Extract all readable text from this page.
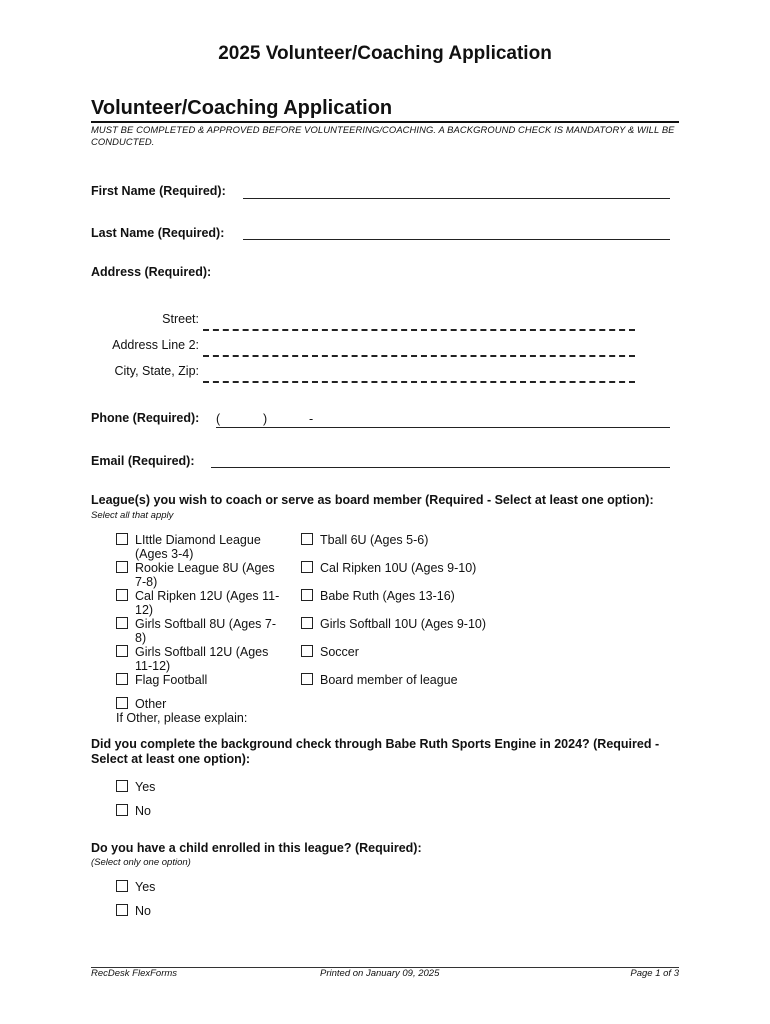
2025 Volunteer/Coaching Application
Volunteer/Coaching Application
MUST BE COMPLETED & APPROVED BEFORE VOLUNTEERING/COACHING. A BACKGROUND CHECK IS MANDATORY & WILL BE CONDUCTED.
First Name (Required):
Last Name (Required):
Address (Required):
Street:
Address Line 2:
City, State, Zip:
Phone (Required): (	)	-
Email (Required):
League(s) you wish to coach or serve as board member (Required - Select at least one option):
Select all that apply
LIttle Diamond League (Ages 3-4)
Rookie League 8U (Ages 7-8)
Cal Ripken 12U (Ages 11-12)
Girls Softball 8U (Ages 7-8)
Girls Softball 12U (Ages 11-12)
Flag Football
Tball 6U (Ages 5-6)
Cal Ripken 10U (Ages 9-10)
Babe Ruth (Ages 13-16)
Girls Softball 10U (Ages 9-10)
Soccer
Board member of league
Other
If Other, please explain:
Did you complete the background check through Babe Ruth Sports Engine in 2024? (Required - Select at least one option):
Yes
No
Do you have a child enrolled in this league? (Required):
(Select only one option)
Yes
No
RecDesk FlexForms	Printed on January 09, 2025	Page 1 of 3
